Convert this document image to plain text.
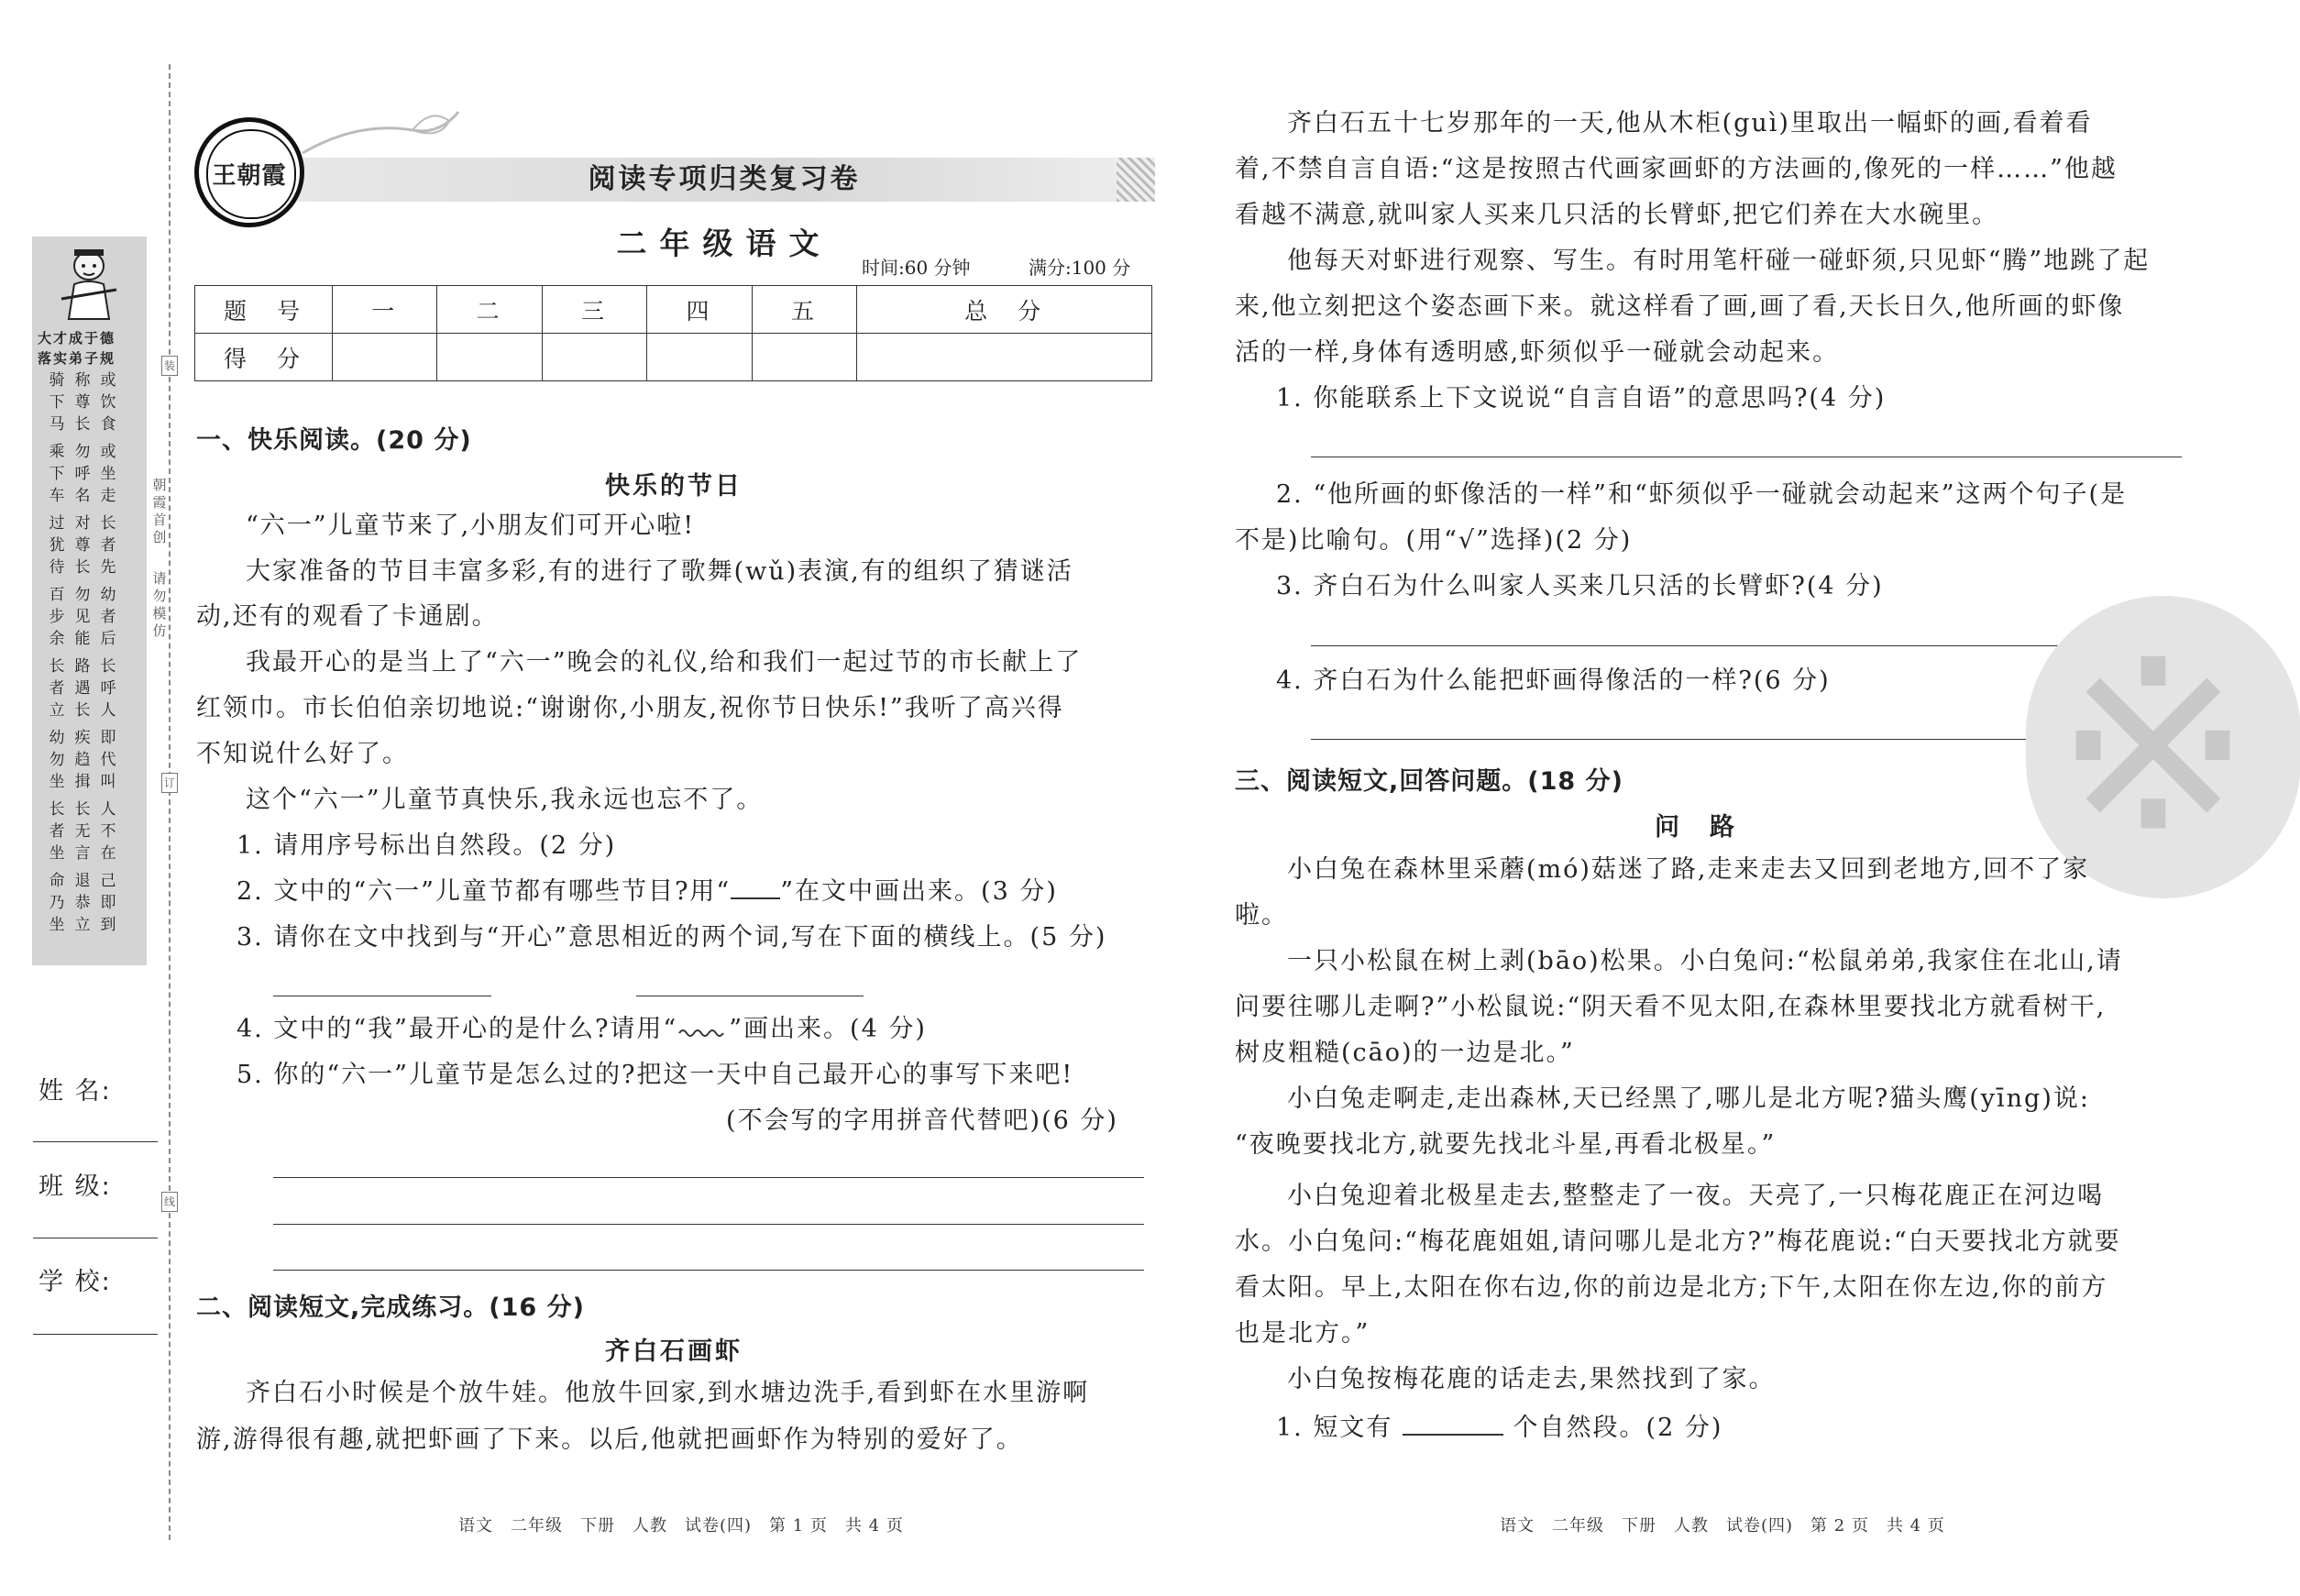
朝霞首创
请勿模仿
装
订
线
大才成于德
落实弟子规
或饮食
称尊长
骑下马
或坐走
勿呼名
乘下车
长者先
对尊长
过犹待
幼者后
勿见能
百步余
长呼人
路遇长
长者立
即代叫
疾趋揖
幼勿坐
人不在
长无言
长者坐
己即到
退恭立
命乃坐
姓 名:
班 级:
学 校:
王朝霞	阅读专项归类复习卷
二年级语文
时间:60 分钟	满分:100 分
题　号	一	二	三	四	五	总　分
得　分						
一、快乐阅读。(20 分)
快乐的节日
“六一”儿童节来了,小朋友们可开心啦!
大家准备的节目丰富多彩,有的进行了歌舞(wǔ)表演,有的组织了猜谜活
动,还有的观看了卡通剧。
我最开心的是当上了“六一”晚会的礼仪,给和我们一起过节的市长献上了
红领巾。市长伯伯亲切地说:“谢谢你,小朋友,祝你节日快乐!”我听了高兴得
不知说什么好了。
这个“六一”儿童节真快乐,我永远也忘不了。
1. 请用序号标出自然段。(2 分)
2. 文中的“六一”儿童节都有哪些节目?用“ ”在文中画出来。(3 分)
3. 请你在文中找到与“开心”意思相近的两个词,写在下面的横线上。(5 分)
4. 文中的“我”最开心的是什么?请用“ ”画出来。(4 分)
5. 你的“六一”儿童节是怎么过的?把这一天中自己最开心的事写下来吧!
(不会写的字用拼音代替吧)(6 分)
二、阅读短文,完成练习。(16 分)
齐白石画虾
齐白石小时候是个放牛娃。他放牛回家,到水塘边洗手,看到虾在水里游啊
游,游得很有趣,就把虾画了下来。以后,他就把画虾作为特别的爱好了。
语文　二年级　下册　人教　试卷(四)　第 1 页　共 4 页
齐白石五十七岁那年的一天,他从木柜(guì)里取出一幅虾的画,看着看
着,不禁自言自语:“这是按照古代画家画虾的方法画的,像死的一样……”他越
看越不满意,就叫家人买来几只活的长臂虾,把它们养在大水碗里。
他每天对虾进行观察、写生。有时用笔杆碰一碰虾须,只见虾“腾”地跳了起
来,他立刻把这个姿态画下来。就这样看了画,画了看,天长日久,他所画的虾像
活的一样,身体有透明感,虾须似乎一碰就会动起来。
1. 你能联系上下文说说“自言自语”的意思吗?(4 分)
2. “他所画的虾像活的一样”和“虾须似乎一碰就会动起来”这两个句子(是
不是)比喻句。(用“√”选择)(2 分)
3. 齐白石为什么叫家人买来几只活的长臂虾?(4 分)
4. 齐白石为什么能把虾画得像活的一样?(6 分) ※
三、阅读短文,回答问题。(18 分)
问　路
小白兔在森林里采蘑(mó)菇迷了路,走来走去又回到老地方,回不了家
啦。
一只小松鼠在树上剥(bāo)松果。小白兔问:“松鼠弟弟,我家住在北山,请
问要往哪儿走啊?”小松鼠说:“阴天看不见太阳,在森林里要找北方就看树干,
树皮粗糙(cāo)的一边是北。”
小白兔走啊走,走出森林,天已经黑了,哪儿是北方呢?猫头鹰(yīng)说:
“夜晚要找北方,就要先找北斗星,再看北极星。”
小白兔迎着北极星走去,整整走了一夜。天亮了,一只梅花鹿正在河边喝
水。小白兔问:“梅花鹿姐姐,请问哪儿是北方?”梅花鹿说:“白天要找北方就要
看太阳。早上,太阳在你右边,你的前边是北方;下午,太阳在你左边,你的前方
也是北方。”
小白兔按梅花鹿的话走去,果然找到了家。
1. 短文有	个自然段。(2 分)
语文　二年级　下册　人教　试卷(四)　第 2 页　共 4 页
